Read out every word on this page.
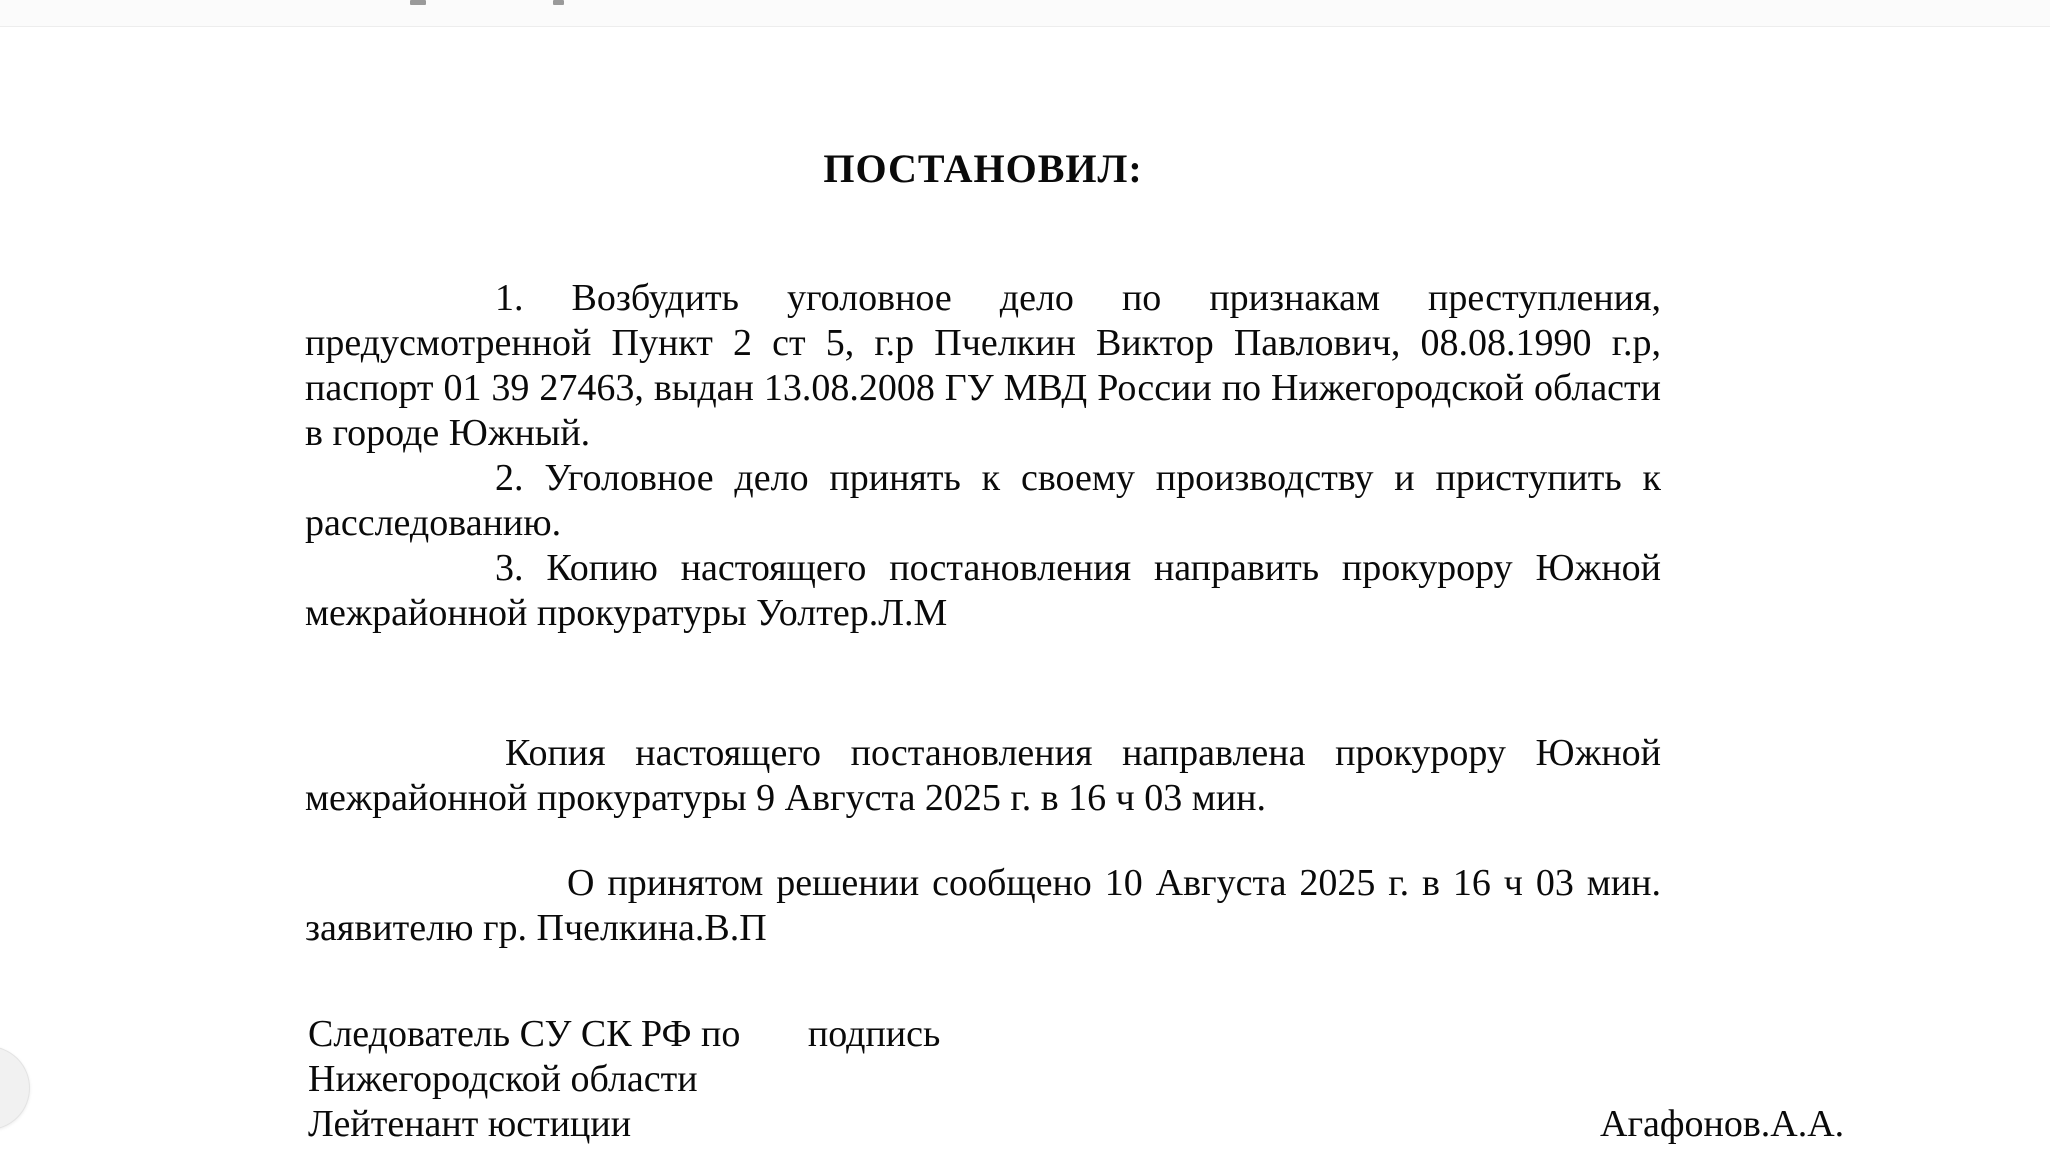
ПОСТАНОВИЛ:

1. Возбудить уголовное дело по признакам преступления, предусмотренной Пункт 2 ст 5, г.р Пчелкин Виктор Павлович, 08.08.1990 г.р, паспорт 01 39 27463, выдан 13.08.2008 ГУ МВД России по Нижегородской области в городе Южный.

2. Уголовное дело принять к своему производству и приступить к расследованию.

3. Копию настоящего постановления направить прокурору Южной межрайонной прокуратуры Уолтер.Л.М

Копия настоящего постановления направлена прокурору Южной межрайонной прокуратуры 9 Августа 2025 г. в 16 ч 03 мин.
О принятом решении сообщено 10 Августа 2025 г. в 16 ч 03 мин. заявителю гр. Пчелкина.В.П
Следователь СУ СК РФ по подпись
Нижегородской области
Лейтенант юстиции	Агафонов.А.А.
